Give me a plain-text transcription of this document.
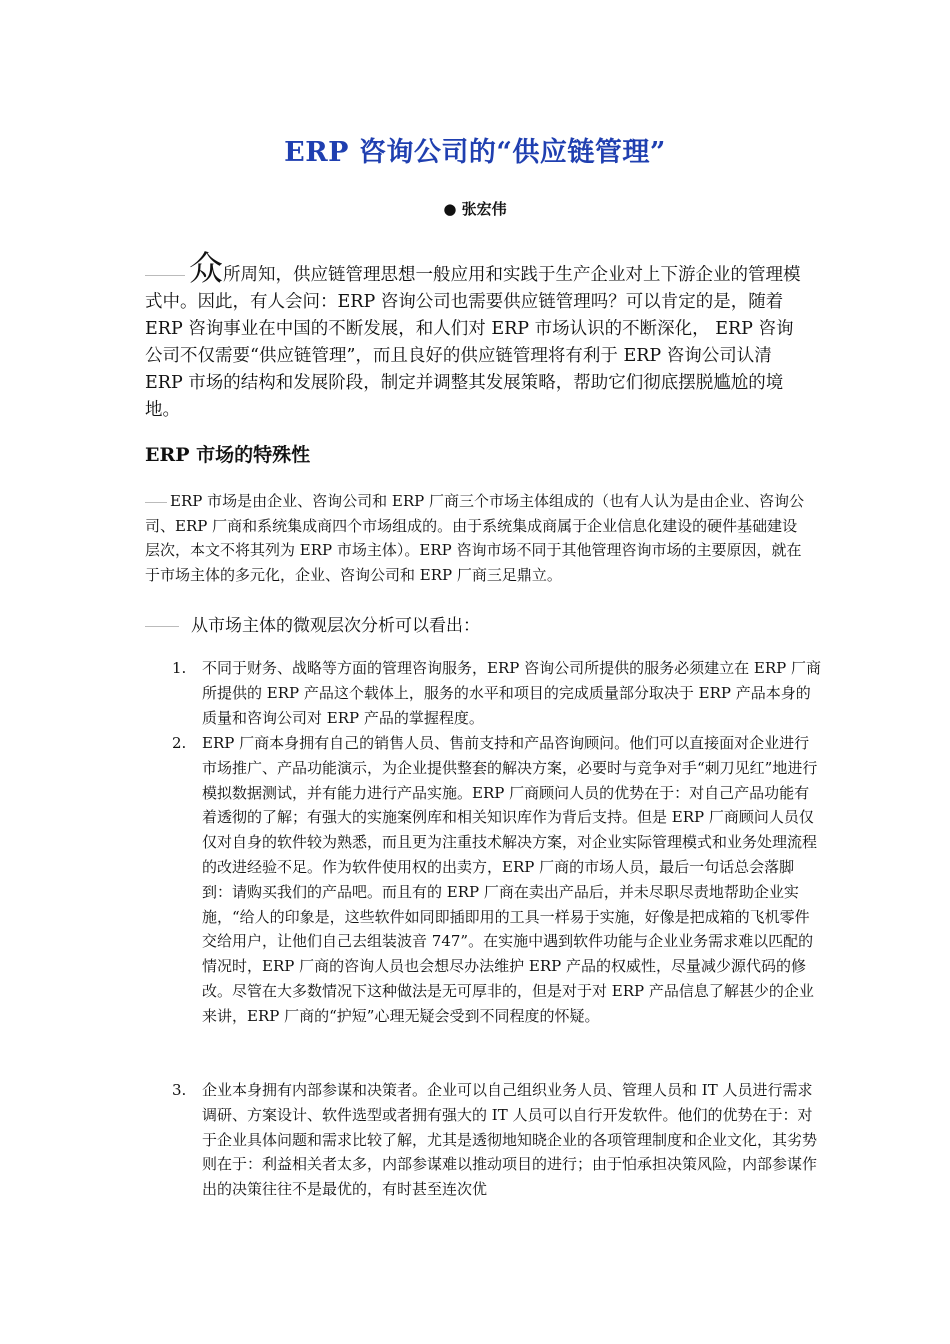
ERP 咨询公司的“供应链管理”
● 张宏伟
众所周知，供应链管理思想一般应用和实践于生产企业对上下游企业的管理模式中。因此，有人会问：ERP 咨询公司也需要供应链管理吗？可以肯定的是，随着 ERP 咨询事业在中国的不断发展，和人们对 ERP 市场认识的不断深化， ERP 咨询公司不仅需要“供应链管理”，而且良好的供应链管理将有利于 ERP 咨询公司认清 ERP 市场的结构和发展阶段，制定并调整其发展策略，帮助它们彻底摆脱尴尬的境地。
ERP 市场的特殊性
ERP 市场是由企业、咨询公司和 ERP 厂商三个市场主体组成的（也有人认为是由企业、咨询公司、ERP 厂商和系统集成商四个市场组成的。由于系统集成商属于企业信息化建设的硬件基础建设层次，本文不将其列为 ERP 市场主体）。ERP 咨询市场不同于其他管理咨询市场的主要原因，就在于市场主体的多元化，企业、咨询公司和 ERP 厂商三足鼎立。
从市场主体的微观层次分析可以看出：
1.	不同于财务、战略等方面的管理咨询服务，ERP 咨询公司所提供的服务必须建立在 ERP 厂商所提供的 ERP 产品这个载体上，服务的水平和项目的完成质量部分取决于 ERP 产品本身的质量和咨询公司对 ERP 产品的掌握程度。
2.	ERP 厂商本身拥有自己的销售人员、售前支持和产品咨询顾问。他们可以直接面对企业进行市场推广、产品功能演示，为企业提供整套的解决方案，必要时与竞争对手“刺刀见红”地进行模拟数据测试，并有能力进行产品实施。ERP 厂商顾问人员的优势在于：对自己产品功能有着透彻的了解；有强大的实施案例库和相关知识库作为背后支持。但是 ERP 厂商顾问人员仅仅对自身的软件较为熟悉，而且更为注重技术解决方案，对企业实际管理模式和业务处理流程的改进经验不足。作为软件使用权的出卖方，ERP 厂商的市场人员，最后一句话总会落脚到：请购买我们的产品吧。而且有的 ERP 厂商在卖出产品后，并未尽职尽责地帮助企业实施，“给人的印象是，这些软件如同即插即用的工具一样易于实施，好像是把成箱的飞机零件交给用户，让他们自己去组装波音 747”。在实施中遇到软件功能与企业业务需求难以匹配的情况时，ERP 厂商的咨询人员也会想尽办法维护 ERP 产品的权威性，尽量减少源代码的修改。尽管在大多数情况下这种做法是无可厚非的，但是对于对 ERP 产品信息了解甚少的企业来讲，ERP 厂商的“护短”心理无疑会受到不同程度的怀疑。
3.	企业本身拥有内部参谋和决策者。企业可以自己组织业务人员、管理人员和 IT 人员进行需求调研、方案设计、软件选型或者拥有强大的 IT 人员可以自行开发软件。他们的优势在于：对于企业具体问题和需求比较了解，尤其是透彻地知晓企业的各项管理制度和企业文化，其劣势则在于：利益相关者太多，内部参谋难以推动项目的进行；由于怕承担决策风险，内部参谋作出的决策往往不是最优的，有时甚至连次优
